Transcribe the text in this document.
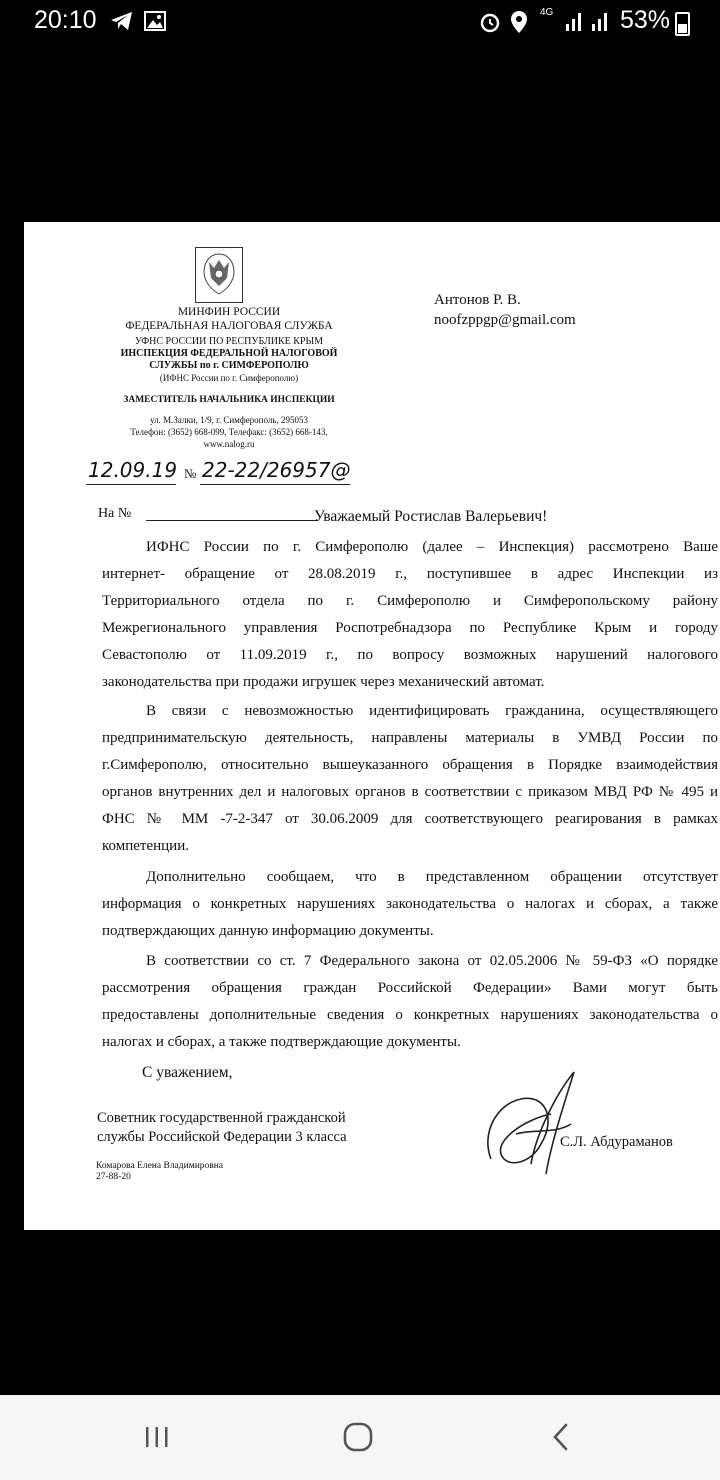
20:10	4G	53%
МИНФИН РОССИИ
ФЕДЕРАЛЬНАЯ НАЛОГОВАЯ СЛУЖБА
УФНС РОССИИ ПО РЕСПУБЛИКЕ КРЫМ
ИНСПЕКЦИЯ ФЕДЕРАЛЬНОЙ НАЛОГОВОЙ
СЛУЖБЫ по г. СИМФЕРОПОЛЮ
(ИФНС России по г. Симферополю)
ЗАМЕСТИТЕЛЬ НАЧАЛЬНИКА ИНСПЕКЦИИ
ул. М.Залки, 1/9, г. Симферополь, 295053
Телефон: (3652) 668-099, Телефакс: (3652) 668-143,
www.nalog.ru
Антонов Р. В.
noofzppgp@gmail.com
12.09.19 № 22-22/26957@
На №	Уважаемый Ростислав Валерьевич!
ИФНС России по г. Симферополю (далее – Инспекция) рассмотрено Ваше
интернет- обращение от 28.08.2019 г., поступившее в адрес Инспекции из
Территориального отдела по г. Симферополю и Симферопольскому району
Межрегионального управления Роспотребнадзора по Республике Крым и городу
Севастополю от 11.09.2019 г., по вопросу возможных нарушений налогового
законодательства при продажи игрушек через механический автомат.
В связи с невозможностью идентифицировать гражданина, осуществляющего
предпринимательскую деятельность, направлены материалы в УМВД России по
г.Симферополю, относительно вышеуказанного обращения в Порядке взаимодействия
органов внутренних дел и налоговых органов в соответствии с приказом МВД РФ № 495 и
ФНС № ММ -7-2-347 от 30.06.2009 для соответствующего реагирования в рамках
компетенции.
Дополнительно сообщаем, что в представленном обращении отсутствует
информация о конкретных нарушениях законодательства о налогах и сборах, а также
подтверждающих данную информацию документы.
В соответствии со ст. 7 Федерального закона от 02.05.2006 № 59-ФЗ «О порядке
рассмотрения обращения граждан Российской Федерации» Вами могут быть
предоставлены дополнительные сведения о конкретных нарушениях законодательства о
налогах и сборах, а также подтверждающие документы.
С уважением,
Советник государственной гражданской
службы Российской Федерации 3 класса	С.Л. Абдураманов
Комарова Елена Владимировна
27-88-20
